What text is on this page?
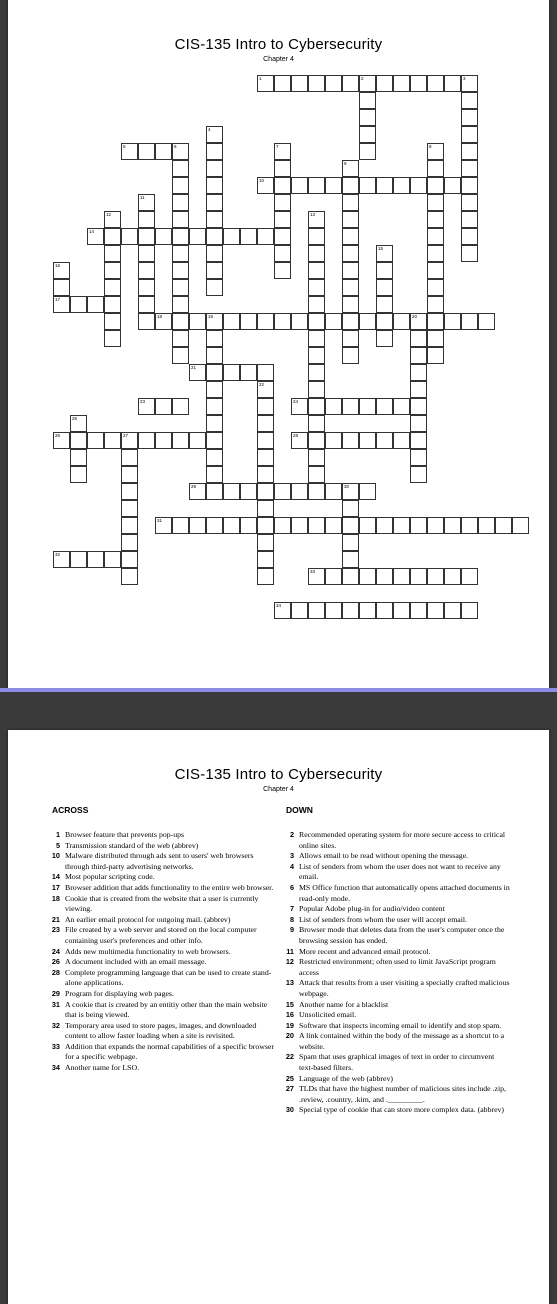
CIS-135 Intro to Cybersecurity
Chapter 4
1	2
5	6
10
14
17
18	19	20
21
23	24
26	27	28
29	30
31
32
33
34
3
4
7	8
9
11
12	13
15
16
22
25
CIS-135 Intro to Cybersecurity
Chapter 4
ACROSS	DOWN
1 Browser feature that prevents pop-ups
5 Transmission standard of the web (abbrev)
10 Malware distributed through ads sent to users' web browsers through third-party advertising networks.
14 Most popular scripting code.
17 Browser addition that adds functionality to the entire web browser.
18 Cookie that is created from the website that a user is currently viewing.
21 An earlier email protocol for outgoing mail. (abbrev)
23 File created by a web server and stored on the local computer containing user's preferences and other info.
24 Adds new multimedia functionality to web browsers.
26 A document included with an email message.
28 Complete programming language that can be used to create stand-alone applications.
29 Program for displaying web pages.
31 A cookie that is created by an entitiy other than the main website that is being viewed.
32 Temporary area used to store pages, images, and downloaded content to allow faster loading when a site is revisited.
33 Addition that expands the normal capabilities of a specific browser for a specific webpage.
34 Another name for LSO.
2 Recommended operating system for more secure access to critical online sites.
3 Allows email to be read without opening the message.
4 List of senders from whom the user does not want to receive any email.
6 MS Office function that automatically opens attached documents in read-only mode.
7 Popular Adobe plug-in for audio/video content
8 List of senders from whom the user will accept email.
9 Browser mode that deletes data from the user's computer once the browsing session has ended.
11 More recent and advanced email protocol.
12 Restricted environment; often used to limit JavaScript program access
13 Attack that results from a user visiting a specially crafted malicious webpage.
15 Another name for a blacklist
16 Unsolicited email.
19 Software that inspects incoming email to identify and stop spam.
20 A link contained within the body of the message as a shortcut to a website.
22 Spam that uses graphical images of text in order to circumvent text-based filters.
25 Language of the web (abbrev)
27 TLDs that have the highest number of malicious sites include .zip, .review, .country, .kim, and ._________.
30 Special type of cookie that can store more complex data. (abbrev)
